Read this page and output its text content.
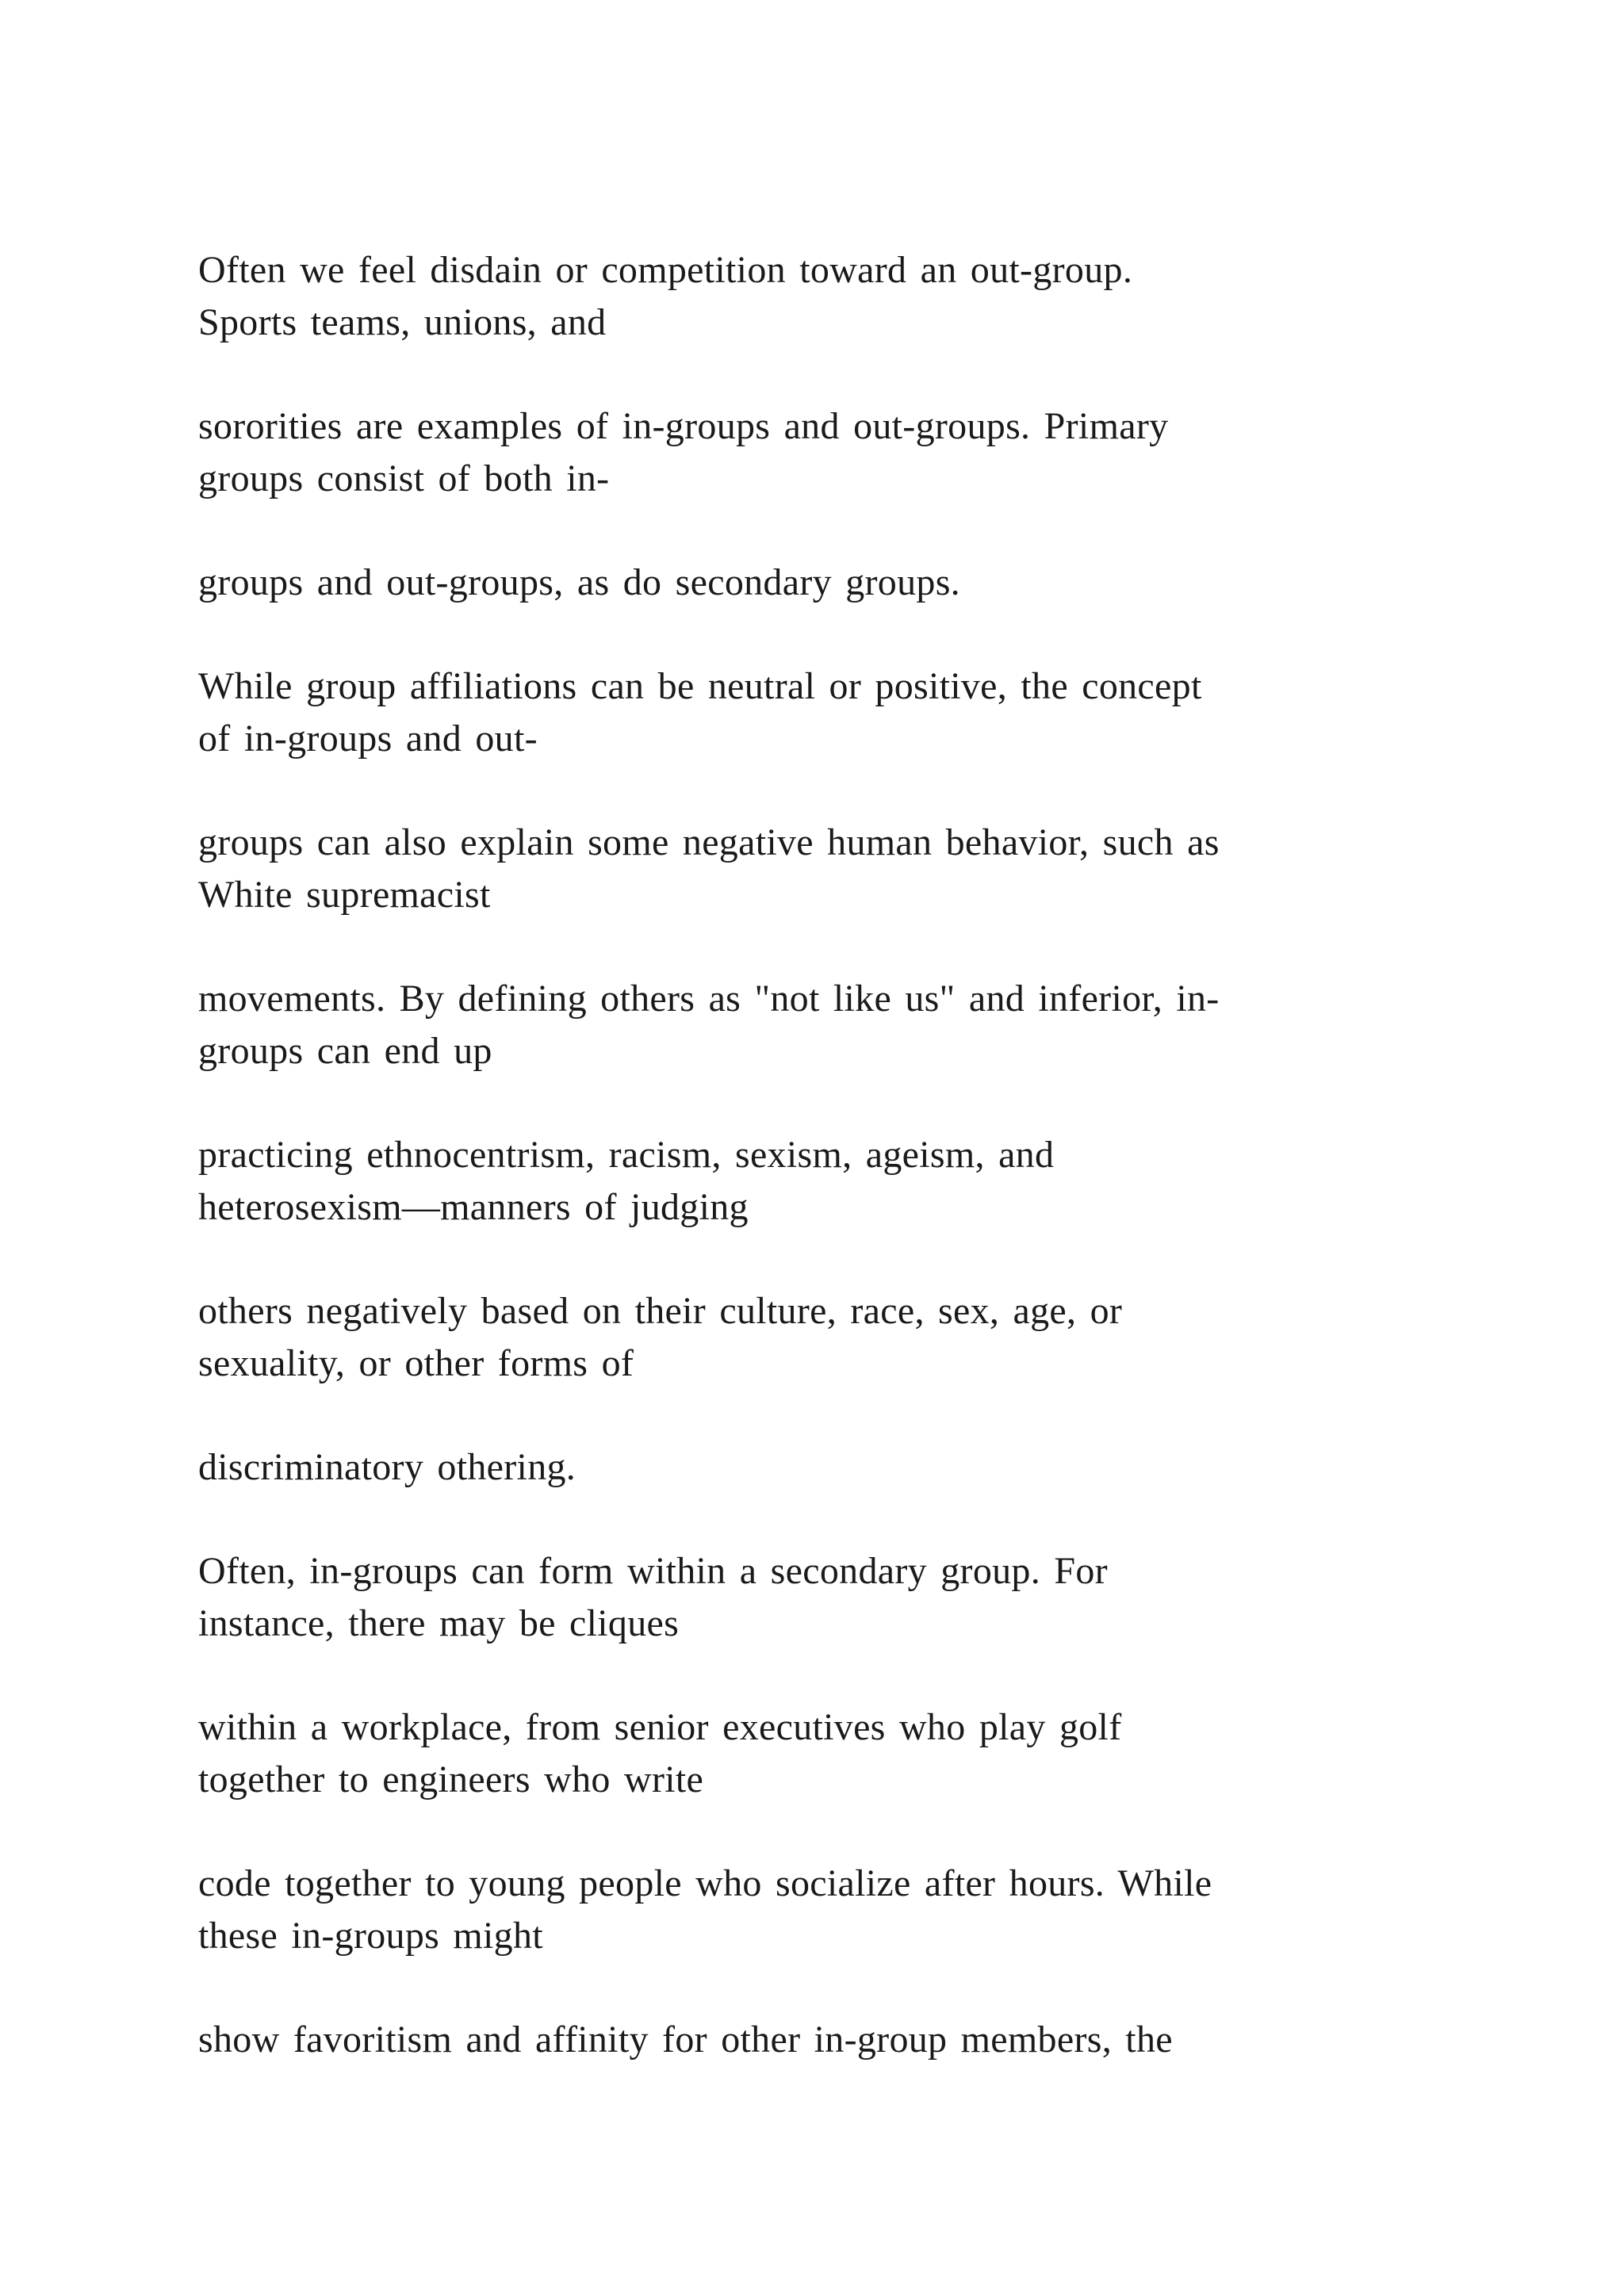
Often we feel disdain or competition toward an out-group.
Sports teams, unions, and

sororities are examples of in-groups and out-groups. Primary
groups consist of both in-

groups and out-groups, as do secondary groups.

While group affiliations can be neutral or positive, the concept
of in-groups and out-

groups can also explain some negative human behavior, such as
White supremacist

movements. By defining others as "not like us" and inferior, in-
groups can end up

practicing ethnocentrism, racism, sexism, ageism, and
heterosexism—manners of judging

others negatively based on their culture, race, sex, age, or
sexuality, or other forms of

discriminatory othering.

Often, in-groups can form within a secondary group. For
instance, there may be cliques

within a workplace, from senior executives who play golf
together to engineers who write

code together to young people who socialize after hours. While
these in-groups might

show favoritism and affinity for other in-group members, the
